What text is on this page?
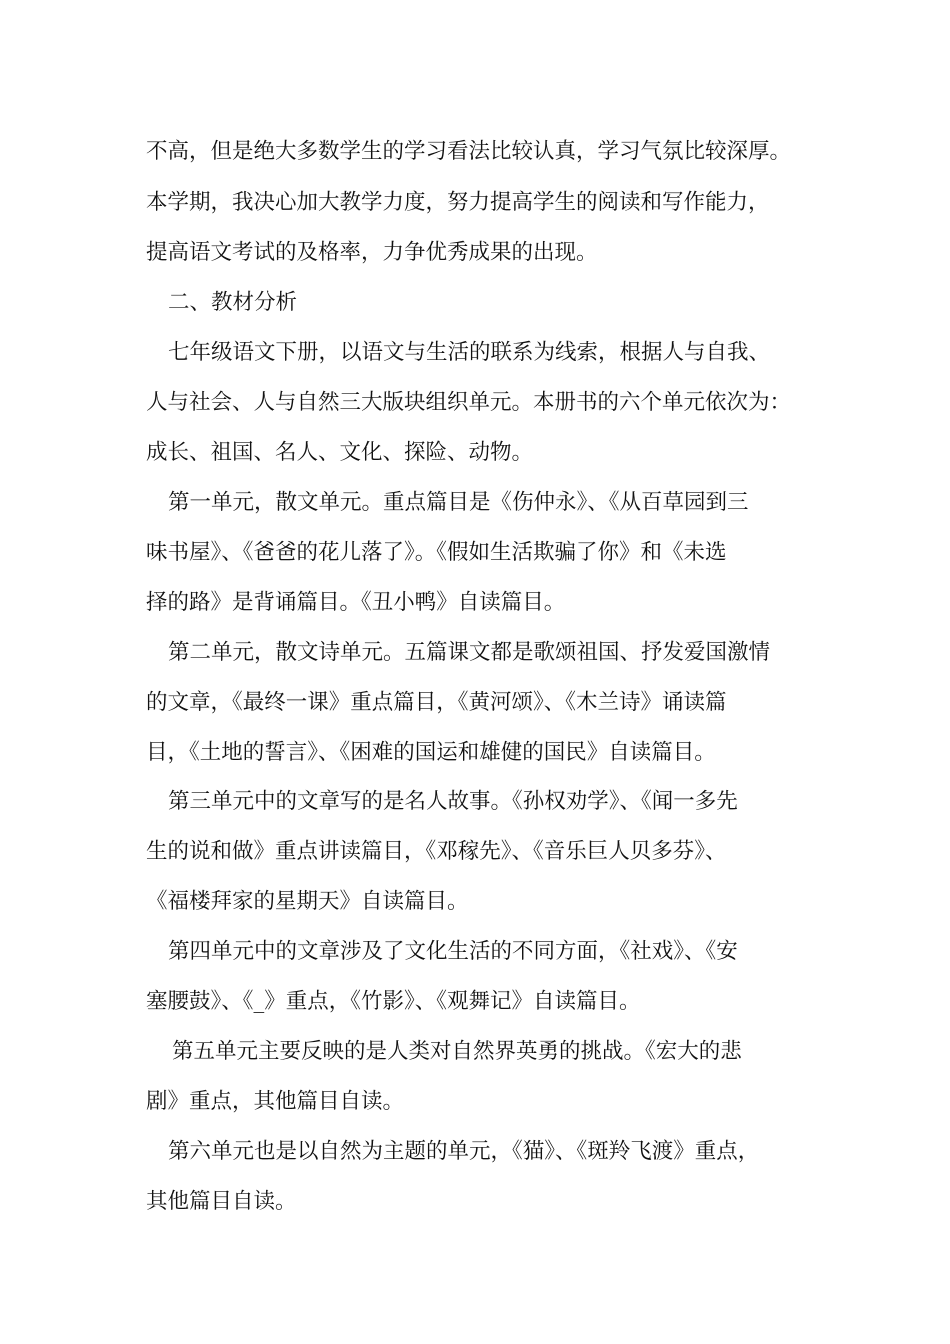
不高，但是绝大多数学生的学习看法比较认真，学习气氛比较深厚。
本学期，我决心加大教学力度，努力提高学生的阅读和写作能力，
提高语文考试的及格率，力争优秀成果的出现。
二、教材分析
七年级语文下册，以语文与生活的联系为线索，根据人与自我、
人与社会、人与自然三大版块组织单元。本册书的六个单元依次为：
成长、祖国、名人、文化、探险、动物。
第一单元，散文单元。重点篇目是《伤仲永》、《从百草园到三
味书屋》、《爸爸的花儿落了》。《假如生活欺骗了你》和《未选
择的路》是背诵篇目。《丑小鸭》自读篇目。
第二单元，散文诗单元。五篇课文都是歌颂祖国、抒发爱国激情
的文章，《最终一课》重点篇目，《黄河颂》、《木兰诗》诵读篇
目，《土地的誓言》、《困难的国运和雄健的国民》自读篇目。
第三单元中的文章写的是名人故事。《孙权劝学》、《闻一多先
生的说和做》重点讲读篇目，《邓稼先》、《音乐巨人贝多芬》、
《福楼拜家的星期天》自读篇目。
第四单元中的文章涉及了文化生活的不同方面，《社戏》、《安
塞腰鼓》、《_》重点，《竹影》、《观舞记》自读篇目。
第五单元主要反映的是人类对自然界英勇的挑战。《宏大的悲
剧》重点，其他篇目自读。
第六单元也是以自然为主题的单元，《猫》、《斑羚飞渡》重点，
其他篇目自读。
